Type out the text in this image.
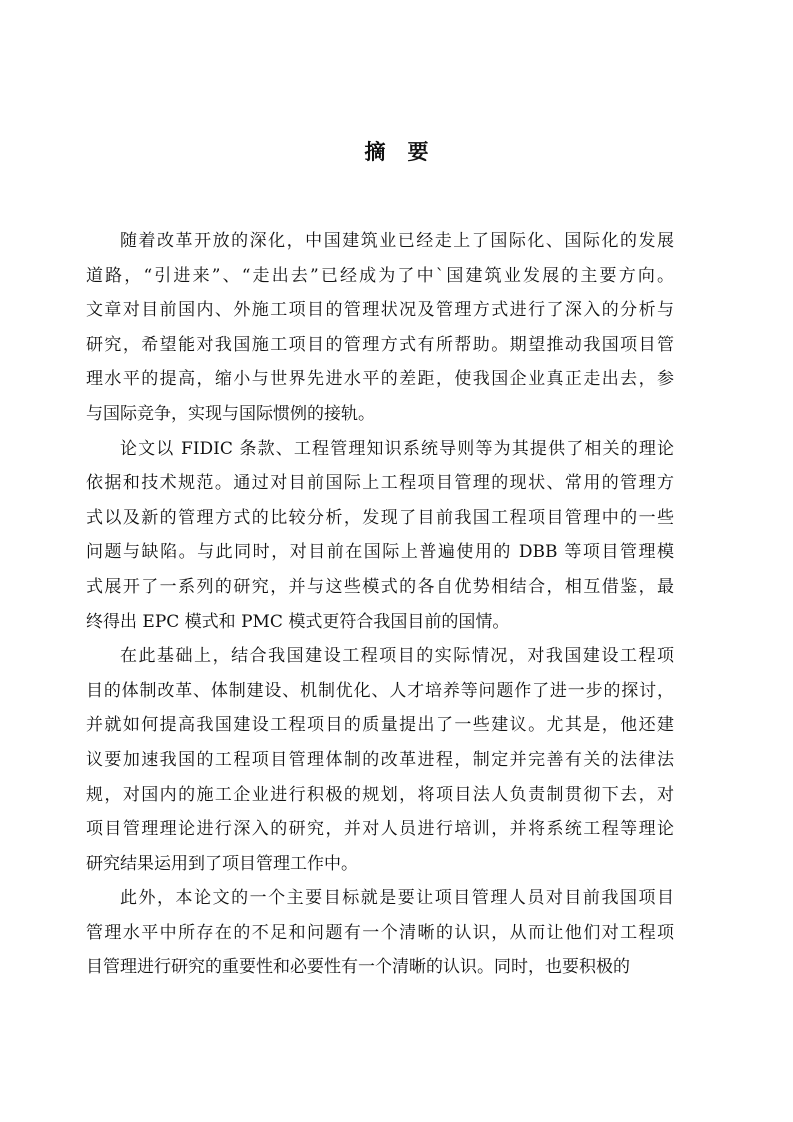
摘要

随着改革开放的深化，中国建筑业已经走上了国际化、国际化的发展
道路，“引进来”、“走出去”已经成为了中`国建筑业发展的主要方向。
文章对目前国内、外施工项目的管理状况及管理方式进行了深入的分析与
研究，希望能对我国施工项目的管理方式有所帮助。期望推动我国项目管
理水平的提高，缩小与世界先进水平的差距，使我国企业真正走出去，参
与国际竞争，实现与国际惯例的接轨。

论文以 FIDIC 条款、工程管理知识系统导则等为其提供了相关的理论
依据和技术规范。通过对目前国际上工程项目管理的现状、常用的管理方
式以及新的管理方式的比较分析，发现了目前我国工程项目管理中的一些
问题与缺陷。与此同时，对目前在国际上普遍使用的 DBB 等项目管理模
式展开了一系列的研究，并与这些模式的各自优势相结合，相互借鉴，最
终得出 EPC 模式和 PMC 模式更符合我国目前的国情。

在此基础上，结合我国建设工程项目的实际情况，对我国建设工程项
目的体制改革、体制建设、机制优化、人才培养等问题作了进一步的探讨，
并就如何提高我国建设工程项目的质量提出了一些建议。尤其是，他还建
议要加速我国的工程项目管理体制的改革进程，制定并完善有关的法律法
规，对国内的施工企业进行积极的规划，将项目法人负责制贯彻下去，对
项目管理理论进行深入的研究，并对人员进行培训，并将系统工程等理论
研究结果运用到了项目管理工作中。

此外，本论文的一个主要目标就是要让项目管理人员对目前我国项目
管理水平中所存在的不足和问题有一个清晰的认识，从而让他们对工程项
目管理进行研究的重要性和必要性有一个清晰的认识。同时，也要积极的
